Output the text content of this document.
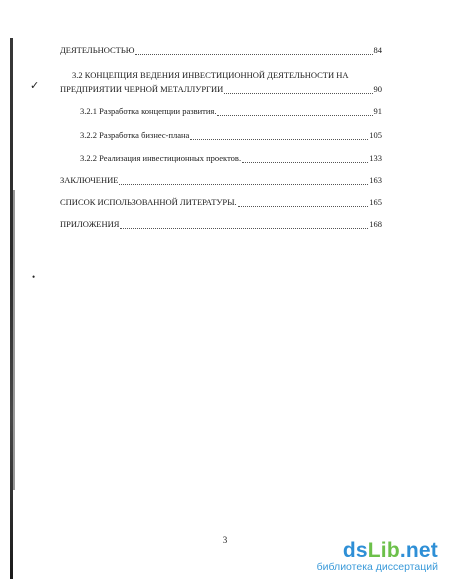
✓
•
ДЕЯТЕЛЬНОСТЬЮ	84
3.2 КОНЦЕПЦИЯ ВЕДЕНИЯ ИНВЕСТИЦИОННОЙ ДЕЯТЕЛЬНОСТИ НА
ПРЕДПРИЯТИИ ЧЕРНОЙ МЕТАЛЛУРГИИ	90
3.2.1 Разработка концепции развития.	91
3.2.2 Разработка бизнес-плана	105
3.2.2 Реализация инвестиционных проектов.	133
ЗАКЛЮЧЕНИЕ	163
СПИСОК ИСПОЛЬЗОВАННОЙ ЛИТЕРАТУРЫ.	165
ПРИЛОЖЕНИЯ	168
3	dsLib.net
библиотека диссертаций
